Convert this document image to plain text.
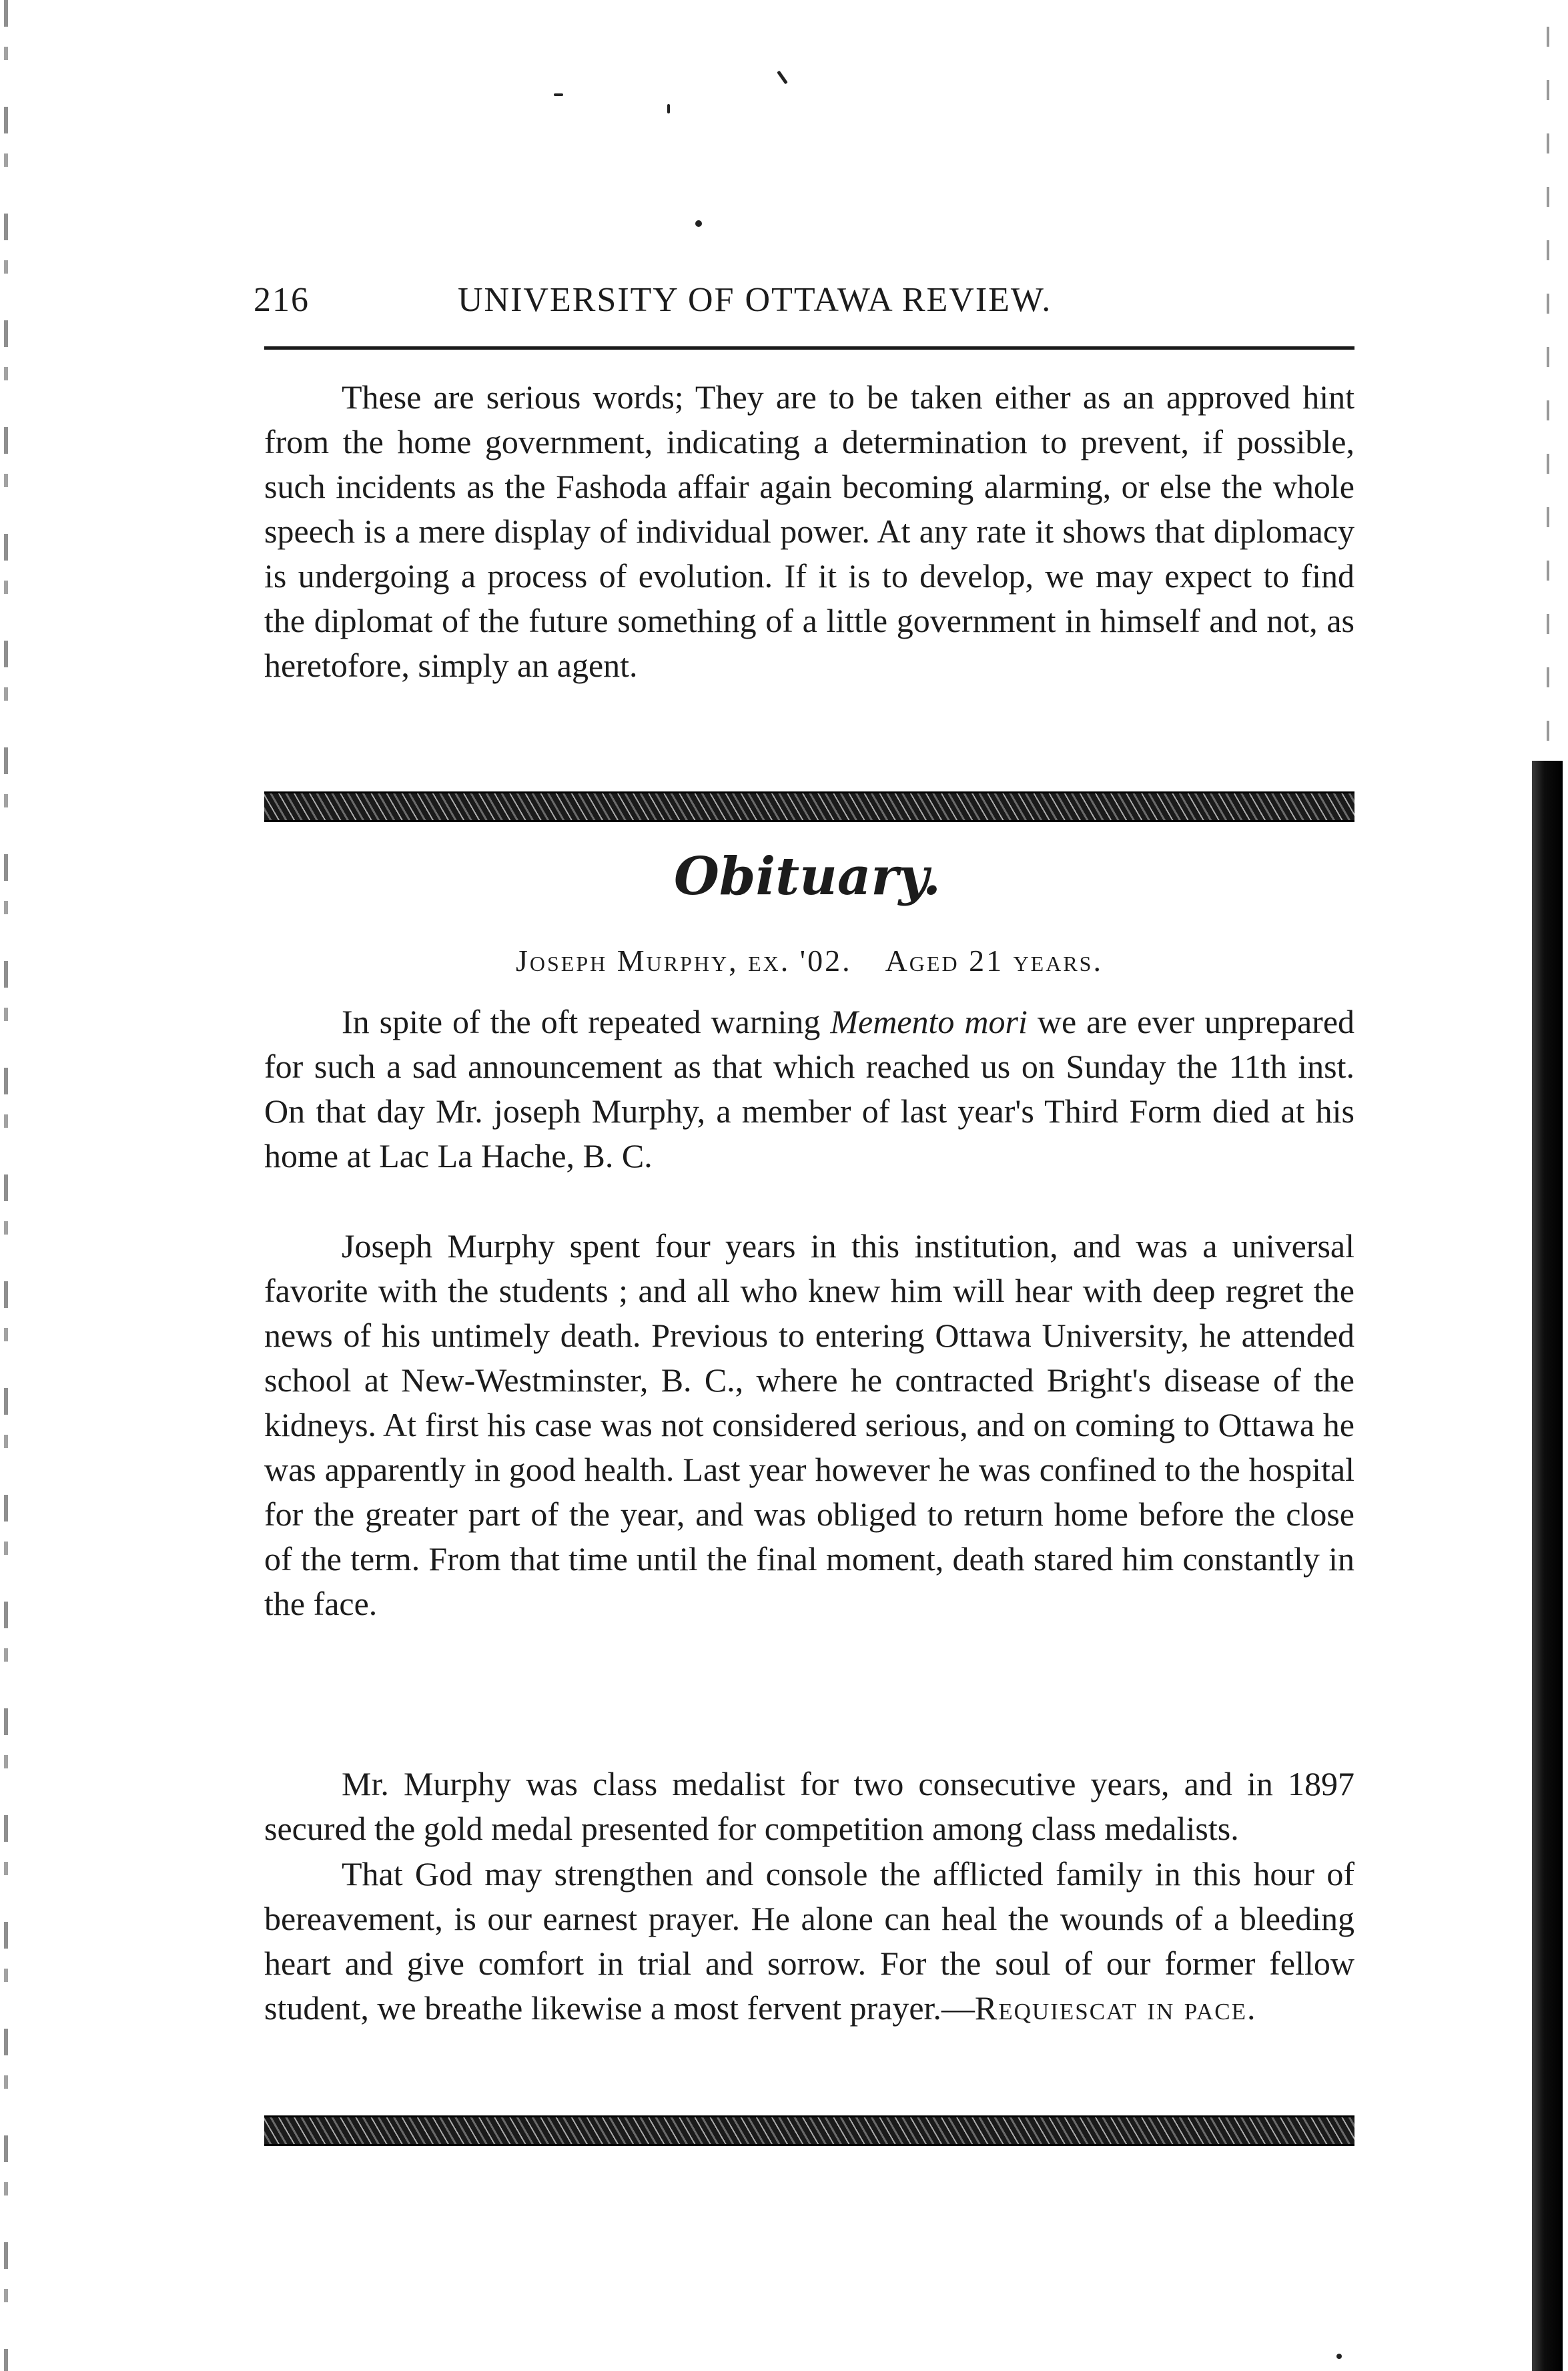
216	UNIVERSITY OF OTTAWA REVIEW.

These are serious words; They are to be taken either as an approved hint from the home government, indicating a determination to prevent, if possible, such incidents as the Fashoda affair again becoming alarming, or else the whole speech is a mere display of individual power. At any rate it shows that diplomacy is undergoing a process of evolution. If it is to develop, we may expect to find the diplomat of the future something of a little government in himself and not, as heretofore, simply an agent.

Obituary.
Joseph Murphy, ex. '02. Aged 21 years.

In spite of the oft repeated warning Memento mori we are ever unprepared for such a sad announcement as that which reached us on Sunday the 11th inst. On that day Mr. joseph Murphy, a member of last year's Third Form died at his home at Lac La Hache, B. C.

Joseph Murphy spent four years in this institution, and was a universal favorite with the students ; and all who knew him will hear with deep regret the news of his untimely death. Previous to entering Ottawa University, he attended school at New-Westminster, B. C., where he contracted Bright's disease of the kidneys. At first his case was not considered serious, and on coming to Ottawa he was apparently in good health. Last year however he was confined to the hospital for the greater part of the year, and was obliged to return home before the close of the term. From that time until the final moment, death stared him constantly in the face.

Mr. Murphy was class medalist for two consecutive years, and in 1897 secured the gold medal presented for competition among class medalists.

That God may strengthen and console the afflicted family in this hour of bereavement, is our earnest prayer. He alone can heal the wounds of a bleeding heart and give comfort in trial and sorrow. For the soul of our former fellow student, we breathe likewise a most fervent prayer.—Requiescat in pace.
